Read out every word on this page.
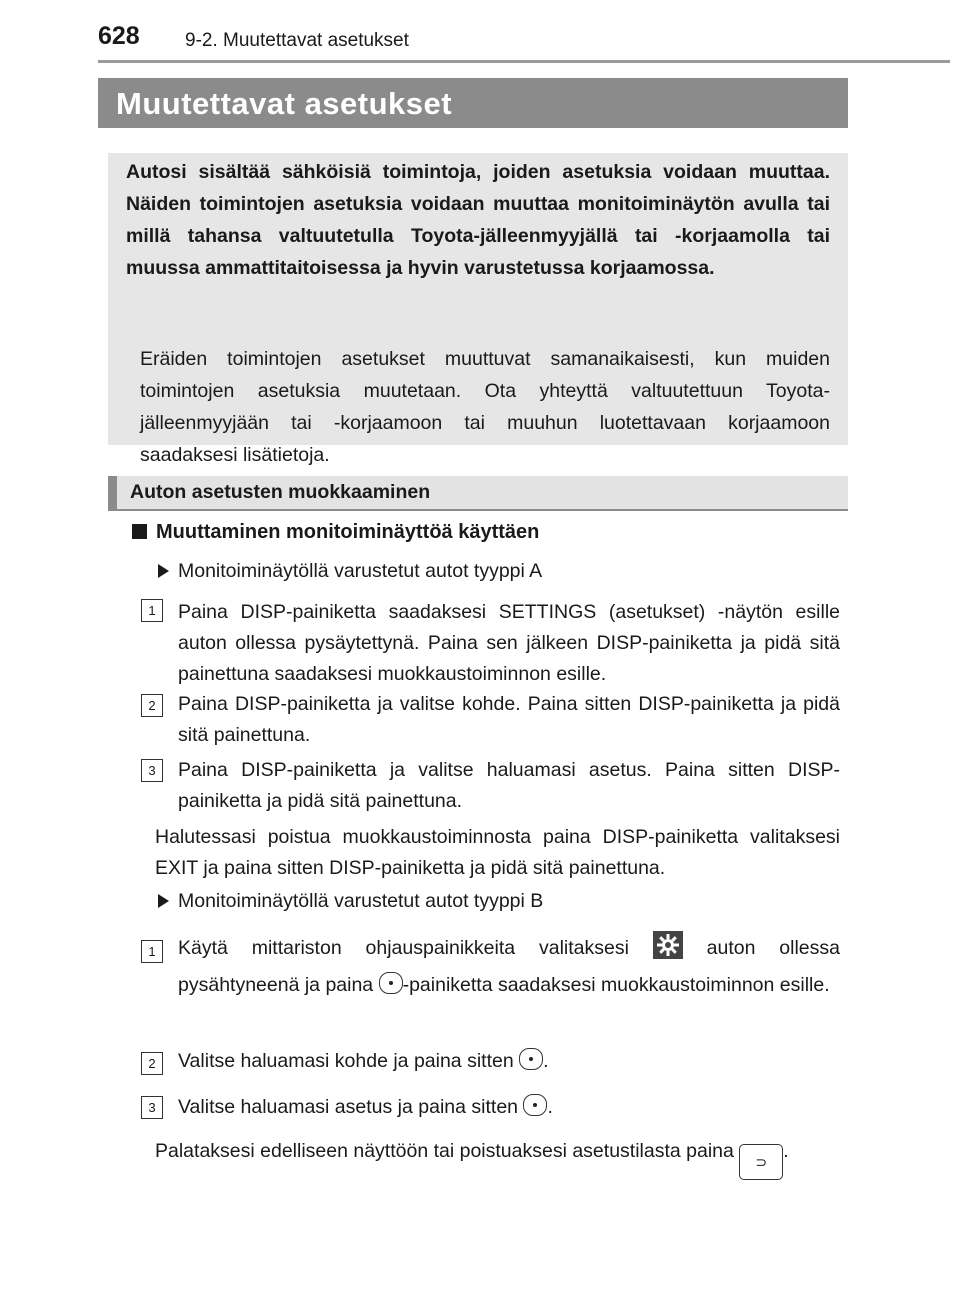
628 9-2. Muutettavat asetukset
Muutettavat asetukset
Autosi sisältää sähköisiä toimintoja, joiden asetuksia voidaan muuttaa. Näiden toimintojen asetuksia voidaan muuttaa monitoiminäytön avulla tai millä tahansa valtuutetulla Toyota-jälleenmyyjällä tai -korjaamolla tai muussa ammattitaitoisessa ja hyvin varustetussa korjaamossa.
Eräiden toimintojen asetukset muuttuvat samanaikaisesti, kun muiden toimintojen asetuksia muutetaan. Ota yhteyttä valtuutettuun Toyota-jälleenmyyjään tai -korjaamoon tai muuhun luotettavaan korjaamoon saadaksesi lisätietoja.
Auton asetusten muokkaaminen
Muuttaminen monitoiminäyttöä käyttäen
Monitoiminäytöllä varustetut autot tyyppi A
1	Paina DISP-painiketta saadaksesi SETTINGS (asetukset) -näytön esille auton ollessa pysäytettynä. Paina sen jälkeen DISP-painiketta ja pidä sitä painettuna saadaksesi muokkaustoiminnon esille.
2	Paina DISP-painiketta ja valitse kohde. Paina sitten DISP-painiketta ja pidä sitä painettuna.
3	Paina DISP-painiketta ja valitse haluamasi asetus. Paina sitten DISP-painiketta ja pidä sitä painettuna.
Halutessasi poistua muokkaustoiminnosta paina DISP-painiketta valitaksesi EXIT ja paina sitten DISP-painiketta ja pidä sitä painettuna.
Monitoiminäytöllä varustetut autot tyyppi B
1	Käytä mittariston ohjauspainikkeita valitaksesi	auton ollessa pysähtyneenä ja paina -painiketta saadaksesi muokkaustoiminnon esille.
2	Valitse haluamasi kohde ja paina sitten .
3	Valitse haluamasi asetus ja paina sitten .
Palataksesi edelliseen näyttöön tai poistuaksesi asetustilasta paina ⊃ .
